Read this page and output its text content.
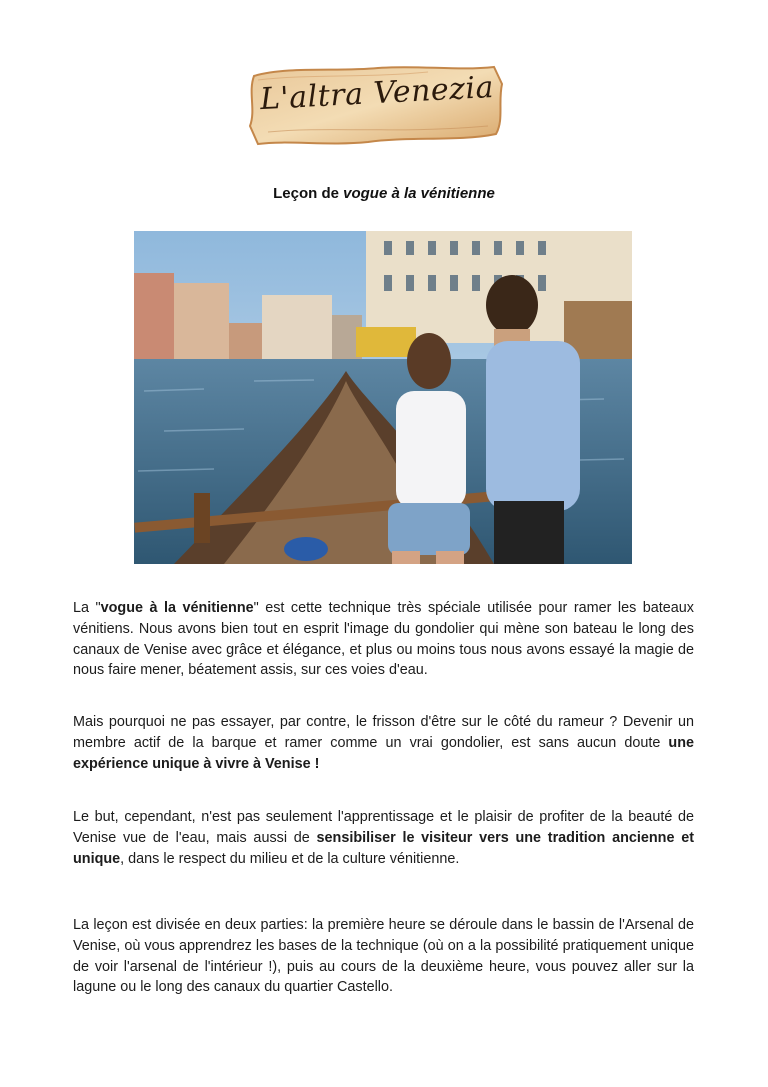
L'altra Venezia
Leçon de vogue à la vénitienne

La "vogue à la vénitienne" est cette technique très spéciale utilisée pour ramer les bateaux vénitiens. Nous avons bien tout en esprit l'image du gondolier qui mène son bateau le long des canaux de Venise avec grâce et élégance, et plus ou moins tous nous avons essayé la magie de nous faire mener, béatement assis, sur ces voies d'eau.

Mais pourquoi ne pas essayer, par contre, le frisson d'être sur le côté du rameur ? Devenir un membre actif de la barque et ramer comme un vrai gondolier, est sans aucun doute une expérience unique à vivre à Venise !

Le but, cependant, n'est pas seulement l'apprentissage et le plaisir de profiter de la beauté de Venise vue de l'eau, mais aussi de sensibiliser le visiteur vers une tradition ancienne et unique, dans le respect du milieu et de la culture vénitienne.

La leçon est divisée en deux parties: la première heure se déroule dans le bassin de l'Arsenal de Venise, où vous apprendrez les bases de la technique (où on a la possibilité pratiquement unique de voir l'arsenal de l'intérieur !), puis au cours de la deuxième heure, vous pouvez aller sur la lagune ou le long des canaux du quartier Castello.
